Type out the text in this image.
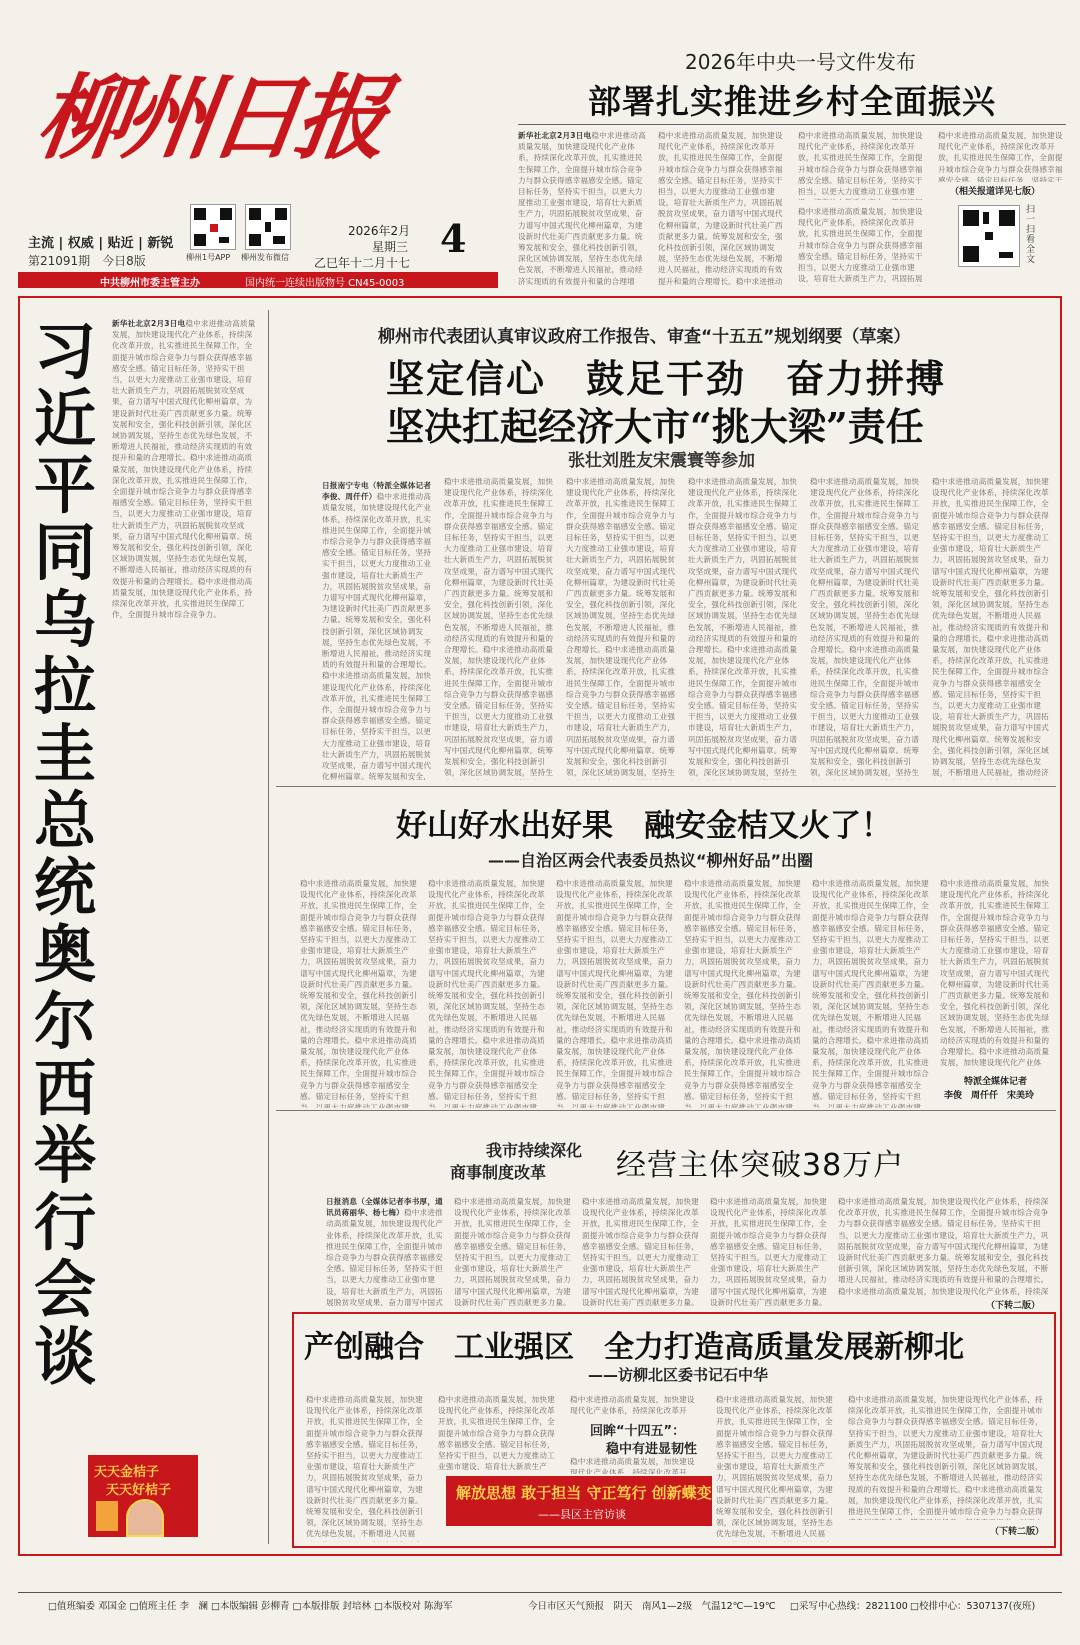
柳州日报
主流 | 权威 | 贴近 | 新锐
第21091期　今日8版	柳州1号APP 柳州发布微信
2026年2月
星期三
乙巳年十二月十七
4
中共柳州市委主管主办	国内统一连续出版物号 CN45-0003
2026年中央一号文件发布
部署扎实推进乡村全面振兴
新华社北京2月3日电 稳中求进推动高质量发展，加快建设现代化产业体系，持续深化改革开放，扎实推进民生保障工作，全面提升城市综合竞争力与群众获得感幸福感安全感。锚定目标任务，坚持实干担当，以更大力度推动工业强市建设，培育壮大新质生产力，巩固拓展脱贫攻坚成果，奋力谱写中国式现代化柳州篇章，为建设新时代壮美广西贡献更多力量。统筹发展和安全，强化科技创新引领，深化区域协调发展，坚持生态优先绿色发展，不断增进人民福祉，推动经济实现质的有效提升和量的合理增长。稳中求进推动高质量发展，加快建设现代化产业体系，持续深化改革开放，扎实推进民生保障工作，全面提升城市综合竞争力与群众获得感幸福感安全感。锚定目标任务，坚持实干担当，以更大力度推动工业强市建设，培育壮大新质生产力，巩固拓展脱贫攻坚成果，奋力谱写中国式现代化柳州篇章。统筹发展和安全，强化科技创新引领，深化区域协调发展，坚持生态优先绿色发展，不断增进人民福祉，推动经济实现质的有效提升和量的合理增长。稳中求进推动高质量发展，加快建设现代化产业体系，持续深化改革开放，扎实推进民生保障工作，全面提升城市综合竞争力。
稳中求进推动高质量发展，加快建设现代化产业体系，持续深化改革开放，扎实推进民生保障工作，全面提升城市综合竞争力与群众获得感幸福感安全感。锚定目标任务，坚持实干担当，以更大力度推动工业强市建设，培育壮大新质生产力，巩固拓展脱贫攻坚成果，奋力谱写中国式现代化柳州篇章，为建设新时代壮美广西贡献更多力量。统筹发展和安全，强化科技创新引领，深化区域协调发展，坚持生态优先绿色发展，不断增进人民福祉，推动经济实现质的有效提升和量的合理增长。稳中求进推动高质量发展，加快建设现代化产业体系，持续深化改革开放，扎实推进民生保障工作，全面提升城市综合竞争力与群众获得感幸福感安全感。锚定目标任务，坚持实干担当，以更大力度推动工业强市建设，培育壮大新质生产力，巩固拓展脱贫攻坚成果，奋力谱写中国式现代化柳州篇章。统筹发展和安全，强化科技创新引领，深化区域协调发展，坚持生态优先绿色发展，不断增进人民福祉，推动经济实现质的有效提升和量的合理增长。稳中求进推动高质量发展，加快建设现代化产业体系，持续深化改革开放，扎实推进民生保障工作，全面提升城市综合竞争力。
稳中求进推动高质量发展，加快建设现代化产业体系，持续深化改革开放，扎实推进民生保障工作，全面提升城市综合竞争力与群众获得感幸福感安全感。锚定目标任务，坚持实干担当，以更大力度推动工业强市建设，培育壮大新质生产力，巩固拓展脱贫攻坚成果，奋力谱写中国式现代化柳州篇章，为建设新时代壮美广西贡献更多力量。统筹发展和安全，强化科技创新引领，深化区域协调发展，坚持生态优先绿色发展，不断增进人民福祉，推动经济实现质的有效提升和量的合理增长。稳中求进推动高质量发展，加快建设现代化产业体系，持续深化改革开放，扎实推进民生保障工作，全面提升城市综合竞争力与群众获得感幸福感安全感。锚定目标任务，坚持实干担当，以更大力度推动工业强市建设，培育壮大新质生产力，巩固拓展脱贫攻坚成果，奋力谱写中国式现代化柳州篇章。统筹发展和安全，强化科技创新引领，深化区域协调发展，坚持生态优先绿色发展，不断增进人民福祉，推动经济实现质的有效提升和量的合理增长。稳中求进推动高质量发展，加快建设现代化产业体系，持续深化改革开放，扎实推进民生保障工作，全面提升城市综合竞争力。
稳中求进推动高质量发展，加快建设现代化产业体系，持续深化改革开放，扎实推进民生保障工作，全面提升城市综合竞争力与群众获得感幸福感安全感。锚定目标任务，坚持实干担当，以更大力度推动工业强市建设，培育壮大新质生产力，巩固拓展脱贫攻坚成果，奋力谱写中国式现代化柳州篇章，为建设新时代壮美广西贡献更多力量。统筹发展和安全，强化科技创新引领，深化区域协调发展，坚持生态优先绿色发展，不断增进人民福祉，推动经济实现质的有效提升和量的合理增长。稳中求进推动高质量发展，加快建设现代化产业体系，持续深化改革开放，扎实推进民生保障工作，全面提升城市综合竞争力与群众获得感幸福感安全感。锚定目标任务，坚持实干担当，以更大力度推动工业强市建设，培育壮大新质生产力，巩固拓展脱贫攻坚成果，奋力谱写中国式现代化柳州篇章。统筹发展和安全，强化科技创新引领，深化区域协调发展，坚持生态优先绿色发展，不断增进人民福祉，推动经济实现质的有效提升和量的合理增长。稳中求进推动高质量发展，加快建设现代化产业体系，持续深化改革开放，扎实推进民生保障工作，全面提升城市综合竞争力。
（相关报道详见七版）
稳中求进推动高质量发展，加快建设现代化产业体系，持续深化改革开放，扎实推进民生保障工作，全面提升城市综合竞争力与群众获得感幸福感安全感。锚定目标任务，坚持实干担当，以更大力度推动工业强市建设，培育壮大新质生产力，巩固拓展脱贫攻坚成果，奋力谱写中国式现代化柳州篇章，为建设新时代壮美广西贡献更多力量。统筹发展和安全，强化科技创新引领，深化区域协调发展，坚持生态优先绿色发展，不断增进人民福祉，推动经济实现质的有效提升和量的合理增长。稳中求进推动高质量发展，加快建设现代化产业体系，持续深化改革开放，扎实推进民生保障工作，全面提升城市综合竞争力与群众获得感幸福感安全感。锚定目标任务，坚持实干担当，以更大力度推动工业强市建设，培育壮大新质生产力，巩固拓展脱贫攻坚成果，奋力谱写中国式现代化柳州篇章。统筹发展和安全，强化科技创新引领，深化区域协调发展，坚持生态优先绿色发展，不断增进人民福祉，推动经济实现质的有效提升和量的合理增长。稳中求进推动高质量发展，加快建设现代化产业体系，持续深化改革开放，扎实推进民生保障工作，全面提升城市综合竞争力。
扫一扫看全文
习近平同乌拉圭总统奥尔西举行会谈
新华社北京2月3日电 稳中求进推动高质量发展，加快建设现代化产业体系，持续深化改革开放，扎实推进民生保障工作，全面提升城市综合竞争力与群众获得感幸福感安全感。锚定目标任务，坚持实干担当，以更大力度推动工业强市建设，培育壮大新质生产力，巩固拓展脱贫攻坚成果，奋力谱写中国式现代化柳州篇章，为建设新时代壮美广西贡献更多力量。统筹发展和安全，强化科技创新引领，深化区域协调发展，坚持生态优先绿色发展，不断增进人民福祉，推动经济实现质的有效提升和量的合理增长。稳中求进推动高质量发展，加快建设现代化产业体系，持续深化改革开放，扎实推进民生保障工作，全面提升城市综合竞争力与群众获得感幸福感安全感。锚定目标任务，坚持实干担当，以更大力度推动工业强市建设，培育壮大新质生产力，巩固拓展脱贫攻坚成果，奋力谱写中国式现代化柳州篇章。统筹发展和安全，强化科技创新引领，深化区域协调发展，坚持生态优先绿色发展，不断增进人民福祉，推动经济实现质的有效提升和量的合理增长。稳中求进推动高质量发展，加快建设现代化产业体系，持续深化改革开放，扎实推进民生保障工作，全面提升城市综合竞争力。
天天金桔子
天天好桔子
柳州市代表团认真审议政府工作报告、审查“十五五”规划纲要（草案）
坚定信心　鼓足干劲　奋力拼搏
坚决扛起经济大市“挑大梁”责任
张壮刘胜友宋震寰等参加
日报南宁专电（特派全媒体记者李俊、周仟仟） 稳中求进推动高质量发展，加快建设现代化产业体系，持续深化改革开放，扎实推进民生保障工作，全面提升城市综合竞争力与群众获得感幸福感安全感。锚定目标任务，坚持实干担当，以更大力度推动工业强市建设，培育壮大新质生产力，巩固拓展脱贫攻坚成果，奋力谱写中国式现代化柳州篇章，为建设新时代壮美广西贡献更多力量。统筹发展和安全，强化科技创新引领，深化区域协调发展，坚持生态优先绿色发展，不断增进人民福祉，推动经济实现质的有效提升和量的合理增长。稳中求进推动高质量发展，加快建设现代化产业体系，持续深化改革开放，扎实推进民生保障工作，全面提升城市综合竞争力与群众获得感幸福感安全感。锚定目标任务，坚持实干担当，以更大力度推动工业强市建设，培育壮大新质生产力，巩固拓展脱贫攻坚成果，奋力谱写中国式现代化柳州篇章。统筹发展和安全，强化科技创新引领，深化区域协调发展，坚持生态优先绿色发展，不断增进人民福祉，推动经济实现质的有效提升和量的合理增长。稳中求进推动高质量发展，加快建设现代化产业体系，持续深化改革开放，扎实推进民生保障工作，全面提升城市综合竞争力。
稳中求进推动高质量发展，加快建设现代化产业体系，持续深化改革开放，扎实推进民生保障工作，全面提升城市综合竞争力与群众获得感幸福感安全感。锚定目标任务，坚持实干担当，以更大力度推动工业强市建设，培育壮大新质生产力，巩固拓展脱贫攻坚成果，奋力谱写中国式现代化柳州篇章，为建设新时代壮美广西贡献更多力量。统筹发展和安全，强化科技创新引领，深化区域协调发展，坚持生态优先绿色发展，不断增进人民福祉，推动经济实现质的有效提升和量的合理增长。稳中求进推动高质量发展，加快建设现代化产业体系，持续深化改革开放，扎实推进民生保障工作，全面提升城市综合竞争力与群众获得感幸福感安全感。锚定目标任务，坚持实干担当，以更大力度推动工业强市建设，培育壮大新质生产力，巩固拓展脱贫攻坚成果，奋力谱写中国式现代化柳州篇章。统筹发展和安全，强化科技创新引领，深化区域协调发展，坚持生态优先绿色发展，不断增进人民福祉，推动经济实现质的有效提升和量的合理增长。稳中求进推动高质量发展，加快建设现代化产业体系，持续深化改革开放，扎实推进民生保障工作，全面提升城市综合竞争力。
稳中求进推动高质量发展，加快建设现代化产业体系，持续深化改革开放，扎实推进民生保障工作，全面提升城市综合竞争力与群众获得感幸福感安全感。锚定目标任务，坚持实干担当，以更大力度推动工业强市建设，培育壮大新质生产力，巩固拓展脱贫攻坚成果，奋力谱写中国式现代化柳州篇章，为建设新时代壮美广西贡献更多力量。统筹发展和安全，强化科技创新引领，深化区域协调发展，坚持生态优先绿色发展，不断增进人民福祉，推动经济实现质的有效提升和量的合理增长。稳中求进推动高质量发展，加快建设现代化产业体系，持续深化改革开放，扎实推进民生保障工作，全面提升城市综合竞争力与群众获得感幸福感安全感。锚定目标任务，坚持实干担当，以更大力度推动工业强市建设，培育壮大新质生产力，巩固拓展脱贫攻坚成果，奋力谱写中国式现代化柳州篇章。统筹发展和安全，强化科技创新引领，深化区域协调发展，坚持生态优先绿色发展，不断增进人民福祉，推动经济实现质的有效提升和量的合理增长。稳中求进推动高质量发展，加快建设现代化产业体系，持续深化改革开放，扎实推进民生保障工作，全面提升城市综合竞争力。
稳中求进推动高质量发展，加快建设现代化产业体系，持续深化改革开放，扎实推进民生保障工作，全面提升城市综合竞争力与群众获得感幸福感安全感。锚定目标任务，坚持实干担当，以更大力度推动工业强市建设，培育壮大新质生产力，巩固拓展脱贫攻坚成果，奋力谱写中国式现代化柳州篇章，为建设新时代壮美广西贡献更多力量。统筹发展和安全，强化科技创新引领，深化区域协调发展，坚持生态优先绿色发展，不断增进人民福祉，推动经济实现质的有效提升和量的合理增长。稳中求进推动高质量发展，加快建设现代化产业体系，持续深化改革开放，扎实推进民生保障工作，全面提升城市综合竞争力与群众获得感幸福感安全感。锚定目标任务，坚持实干担当，以更大力度推动工业强市建设，培育壮大新质生产力，巩固拓展脱贫攻坚成果，奋力谱写中国式现代化柳州篇章。统筹发展和安全，强化科技创新引领，深化区域协调发展，坚持生态优先绿色发展，不断增进人民福祉，推动经济实现质的有效提升和量的合理增长。稳中求进推动高质量发展，加快建设现代化产业体系，持续深化改革开放，扎实推进民生保障工作，全面提升城市综合竞争力。
稳中求进推动高质量发展，加快建设现代化产业体系，持续深化改革开放，扎实推进民生保障工作，全面提升城市综合竞争力与群众获得感幸福感安全感。锚定目标任务，坚持实干担当，以更大力度推动工业强市建设，培育壮大新质生产力，巩固拓展脱贫攻坚成果，奋力谱写中国式现代化柳州篇章，为建设新时代壮美广西贡献更多力量。统筹发展和安全，强化科技创新引领，深化区域协调发展，坚持生态优先绿色发展，不断增进人民福祉，推动经济实现质的有效提升和量的合理增长。稳中求进推动高质量发展，加快建设现代化产业体系，持续深化改革开放，扎实推进民生保障工作，全面提升城市综合竞争力与群众获得感幸福感安全感。锚定目标任务，坚持实干担当，以更大力度推动工业强市建设，培育壮大新质生产力，巩固拓展脱贫攻坚成果，奋力谱写中国式现代化柳州篇章。统筹发展和安全，强化科技创新引领，深化区域协调发展，坚持生态优先绿色发展，不断增进人民福祉，推动经济实现质的有效提升和量的合理增长。稳中求进推动高质量发展，加快建设现代化产业体系，持续深化改革开放，扎实推进民生保障工作，全面提升城市综合竞争力。
稳中求进推动高质量发展，加快建设现代化产业体系，持续深化改革开放，扎实推进民生保障工作，全面提升城市综合竞争力与群众获得感幸福感安全感。锚定目标任务，坚持实干担当，以更大力度推动工业强市建设，培育壮大新质生产力，巩固拓展脱贫攻坚成果，奋力谱写中国式现代化柳州篇章，为建设新时代壮美广西贡献更多力量。统筹发展和安全，强化科技创新引领，深化区域协调发展，坚持生态优先绿色发展，不断增进人民福祉，推动经济实现质的有效提升和量的合理增长。稳中求进推动高质量发展，加快建设现代化产业体系，持续深化改革开放，扎实推进民生保障工作，全面提升城市综合竞争力与群众获得感幸福感安全感。锚定目标任务，坚持实干担当，以更大力度推动工业强市建设，培育壮大新质生产力，巩固拓展脱贫攻坚成果，奋力谱写中国式现代化柳州篇章。统筹发展和安全，强化科技创新引领，深化区域协调发展，坚持生态优先绿色发展，不断增进人民福祉，推动经济实现质的有效提升和量的合理增长。稳中求进推动高质量发展，加快建设现代化产业体系，持续深化改革开放，扎实推进民生保障工作，全面提升城市综合竞争力。
好山好水出好果　融安金桔又火了！
——自治区两会代表委员热议“柳州好品”出圈
稳中求进推动高质量发展，加快建设现代化产业体系，持续深化改革开放，扎实推进民生保障工作，全面提升城市综合竞争力与群众获得感幸福感安全感。锚定目标任务，坚持实干担当，以更大力度推动工业强市建设，培育壮大新质生产力，巩固拓展脱贫攻坚成果，奋力谱写中国式现代化柳州篇章，为建设新时代壮美广西贡献更多力量。统筹发展和安全，强化科技创新引领，深化区域协调发展，坚持生态优先绿色发展，不断增进人民福祉，推动经济实现质的有效提升和量的合理增长。稳中求进推动高质量发展，加快建设现代化产业体系，持续深化改革开放，扎实推进民生保障工作，全面提升城市综合竞争力与群众获得感幸福感安全感。锚定目标任务，坚持实干担当，以更大力度推动工业强市建设，培育壮大新质生产力，巩固拓展脱贫攻坚成果，奋力谱写中国式现代化柳州篇章。统筹发展和安全，强化科技创新引领，深化区域协调发展，坚持生态优先绿色发展，不断增进人民福祉，推动经济实现质的有效提升和量的合理增长。稳中求进推动高质量发展，加快建设现代化产业体系，持续深化改革开放，扎实推进民生保障工作，全面提升城市综合竞争力。
稳中求进推动高质量发展，加快建设现代化产业体系，持续深化改革开放，扎实推进民生保障工作，全面提升城市综合竞争力与群众获得感幸福感安全感。锚定目标任务，坚持实干担当，以更大力度推动工业强市建设，培育壮大新质生产力，巩固拓展脱贫攻坚成果，奋力谱写中国式现代化柳州篇章，为建设新时代壮美广西贡献更多力量。统筹发展和安全，强化科技创新引领，深化区域协调发展，坚持生态优先绿色发展，不断增进人民福祉，推动经济实现质的有效提升和量的合理增长。稳中求进推动高质量发展，加快建设现代化产业体系，持续深化改革开放，扎实推进民生保障工作，全面提升城市综合竞争力与群众获得感幸福感安全感。锚定目标任务，坚持实干担当，以更大力度推动工业强市建设，培育壮大新质生产力，巩固拓展脱贫攻坚成果，奋力谱写中国式现代化柳州篇章。统筹发展和安全，强化科技创新引领，深化区域协调发展，坚持生态优先绿色发展，不断增进人民福祉，推动经济实现质的有效提升和量的合理增长。稳中求进推动高质量发展，加快建设现代化产业体系，持续深化改革开放，扎实推进民生保障工作，全面提升城市综合竞争力。
稳中求进推动高质量发展，加快建设现代化产业体系，持续深化改革开放，扎实推进民生保障工作，全面提升城市综合竞争力与群众获得感幸福感安全感。锚定目标任务，坚持实干担当，以更大力度推动工业强市建设，培育壮大新质生产力，巩固拓展脱贫攻坚成果，奋力谱写中国式现代化柳州篇章，为建设新时代壮美广西贡献更多力量。统筹发展和安全，强化科技创新引领，深化区域协调发展，坚持生态优先绿色发展，不断增进人民福祉，推动经济实现质的有效提升和量的合理增长。稳中求进推动高质量发展，加快建设现代化产业体系，持续深化改革开放，扎实推进民生保障工作，全面提升城市综合竞争力与群众获得感幸福感安全感。锚定目标任务，坚持实干担当，以更大力度推动工业强市建设，培育壮大新质生产力，巩固拓展脱贫攻坚成果，奋力谱写中国式现代化柳州篇章。统筹发展和安全，强化科技创新引领，深化区域协调发展，坚持生态优先绿色发展，不断增进人民福祉，推动经济实现质的有效提升和量的合理增长。稳中求进推动高质量发展，加快建设现代化产业体系，持续深化改革开放，扎实推进民生保障工作，全面提升城市综合竞争力。
稳中求进推动高质量发展，加快建设现代化产业体系，持续深化改革开放，扎实推进民生保障工作，全面提升城市综合竞争力与群众获得感幸福感安全感。锚定目标任务，坚持实干担当，以更大力度推动工业强市建设，培育壮大新质生产力，巩固拓展脱贫攻坚成果，奋力谱写中国式现代化柳州篇章，为建设新时代壮美广西贡献更多力量。统筹发展和安全，强化科技创新引领，深化区域协调发展，坚持生态优先绿色发展，不断增进人民福祉，推动经济实现质的有效提升和量的合理增长。稳中求进推动高质量发展，加快建设现代化产业体系，持续深化改革开放，扎实推进民生保障工作，全面提升城市综合竞争力与群众获得感幸福感安全感。锚定目标任务，坚持实干担当，以更大力度推动工业强市建设，培育壮大新质生产力，巩固拓展脱贫攻坚成果，奋力谱写中国式现代化柳州篇章。统筹发展和安全，强化科技创新引领，深化区域协调发展，坚持生态优先绿色发展，不断增进人民福祉，推动经济实现质的有效提升和量的合理增长。稳中求进推动高质量发展，加快建设现代化产业体系，持续深化改革开放，扎实推进民生保障工作，全面提升城市综合竞争力。
稳中求进推动高质量发展，加快建设现代化产业体系，持续深化改革开放，扎实推进民生保障工作，全面提升城市综合竞争力与群众获得感幸福感安全感。锚定目标任务，坚持实干担当，以更大力度推动工业强市建设，培育壮大新质生产力，巩固拓展脱贫攻坚成果，奋力谱写中国式现代化柳州篇章，为建设新时代壮美广西贡献更多力量。统筹发展和安全，强化科技创新引领，深化区域协调发展，坚持生态优先绿色发展，不断增进人民福祉，推动经济实现质的有效提升和量的合理增长。稳中求进推动高质量发展，加快建设现代化产业体系，持续深化改革开放，扎实推进民生保障工作，全面提升城市综合竞争力与群众获得感幸福感安全感。锚定目标任务，坚持实干担当，以更大力度推动工业强市建设，培育壮大新质生产力，巩固拓展脱贫攻坚成果，奋力谱写中国式现代化柳州篇章。统筹发展和安全，强化科技创新引领，深化区域协调发展，坚持生态优先绿色发展，不断增进人民福祉，推动经济实现质的有效提升和量的合理增长。稳中求进推动高质量发展，加快建设现代化产业体系，持续深化改革开放，扎实推进民生保障工作，全面提升城市综合竞争力。
稳中求进推动高质量发展，加快建设现代化产业体系，持续深化改革开放，扎实推进民生保障工作，全面提升城市综合竞争力与群众获得感幸福感安全感。锚定目标任务，坚持实干担当，以更大力度推动工业强市建设，培育壮大新质生产力，巩固拓展脱贫攻坚成果，奋力谱写中国式现代化柳州篇章，为建设新时代壮美广西贡献更多力量。统筹发展和安全，强化科技创新引领，深化区域协调发展，坚持生态优先绿色发展，不断增进人民福祉，推动经济实现质的有效提升和量的合理增长。稳中求进推动高质量发展，加快建设现代化产业体系，持续深化改革开放，扎实推进民生保障工作，全面提升城市综合竞争力与群众获得感幸福感安全感。锚定目标任务，坚持实干担当，以更大力度推动工业强市建设，培育壮大新质生产力，巩固拓展脱贫攻坚成果，奋力谱写中国式现代化柳州篇章。统筹发展和安全，强化科技创新引领，深化区域协调发展，坚持生态优先绿色发展，不断增进人民福祉，推动经济实现质的有效提升和量的合理增长。稳中求进推动高质量发展，加快建设现代化产业体系，持续深化改革开放，扎实推进民生保障工作，全面提升城市综合竞争力。
特派全媒体记者
李俊　周仟仟　宋美玲
我市持续深化
商事制度改革 经营主体突破38万户
日报消息（全媒体记者李书厚，通讯员蒋丽华、杨七梅） 稳中求进推动高质量发展，加快建设现代化产业体系，持续深化改革开放，扎实推进民生保障工作，全面提升城市综合竞争力与群众获得感幸福感安全感。锚定目标任务，坚持实干担当，以更大力度推动工业强市建设，培育壮大新质生产力，巩固拓展脱贫攻坚成果，奋力谱写中国式现代化柳州篇章，为建设新时代壮美广西贡献更多力量。统筹发展和安全，强化科技创新引领，深化区域协调发展，坚持生态优先绿色发展，不断增进人民福祉，推动经济实现质的有效提升和量的合理增长。稳中求进推动高质量发展，加快建设现代化产业体系，持续深化改革开放，扎实推进民生保障工作，全面提升城市综合竞争力与群众获得感幸福感安全感。锚定目标任务，坚持实干担当，以更大力度推动工业强市建设，培育壮大新质生产力，巩固拓展脱贫攻坚成果，奋力谱写中国式现代化柳州篇章。统筹发展和安全，强化科技创新引领，深化区域协调发展，坚持生态优先绿色发展，不断增进人民福祉，推动经济实现质的有效提升和量的合理增长。稳中求进推动高质量发展，加快建设现代化产业体系，持续深化改革开放，扎实推进民生保障工作，全面提升城市综合竞争力。
稳中求进推动高质量发展，加快建设现代化产业体系，持续深化改革开放，扎实推进民生保障工作，全面提升城市综合竞争力与群众获得感幸福感安全感。锚定目标任务，坚持实干担当，以更大力度推动工业强市建设，培育壮大新质生产力，巩固拓展脱贫攻坚成果，奋力谱写中国式现代化柳州篇章，为建设新时代壮美广西贡献更多力量。统筹发展和安全，强化科技创新引领，深化区域协调发展，坚持生态优先绿色发展，不断增进人民福祉，推动经济实现质的有效提升和量的合理增长。稳中求进推动高质量发展，加快建设现代化产业体系，持续深化改革开放，扎实推进民生保障工作，全面提升城市综合竞争力与群众获得感幸福感安全感。锚定目标任务，坚持实干担当，以更大力度推动工业强市建设，培育壮大新质生产力，巩固拓展脱贫攻坚成果，奋力谱写中国式现代化柳州篇章。统筹发展和安全，强化科技创新引领，深化区域协调发展，坚持生态优先绿色发展，不断增进人民福祉，推动经济实现质的有效提升和量的合理增长。稳中求进推动高质量发展，加快建设现代化产业体系，持续深化改革开放，扎实推进民生保障工作，全面提升城市综合竞争力。
稳中求进推动高质量发展，加快建设现代化产业体系，持续深化改革开放，扎实推进民生保障工作，全面提升城市综合竞争力与群众获得感幸福感安全感。锚定目标任务，坚持实干担当，以更大力度推动工业强市建设，培育壮大新质生产力，巩固拓展脱贫攻坚成果，奋力谱写中国式现代化柳州篇章，为建设新时代壮美广西贡献更多力量。统筹发展和安全，强化科技创新引领，深化区域协调发展，坚持生态优先绿色发展，不断增进人民福祉，推动经济实现质的有效提升和量的合理增长。稳中求进推动高质量发展，加快建设现代化产业体系，持续深化改革开放，扎实推进民生保障工作，全面提升城市综合竞争力与群众获得感幸福感安全感。锚定目标任务，坚持实干担当，以更大力度推动工业强市建设，培育壮大新质生产力，巩固拓展脱贫攻坚成果，奋力谱写中国式现代化柳州篇章。统筹发展和安全，强化科技创新引领，深化区域协调发展，坚持生态优先绿色发展，不断增进人民福祉，推动经济实现质的有效提升和量的合理增长。稳中求进推动高质量发展，加快建设现代化产业体系，持续深化改革开放，扎实推进民生保障工作，全面提升城市综合竞争力。
稳中求进推动高质量发展，加快建设现代化产业体系，持续深化改革开放，扎实推进民生保障工作，全面提升城市综合竞争力与群众获得感幸福感安全感。锚定目标任务，坚持实干担当，以更大力度推动工业强市建设，培育壮大新质生产力，巩固拓展脱贫攻坚成果，奋力谱写中国式现代化柳州篇章，为建设新时代壮美广西贡献更多力量。统筹发展和安全，强化科技创新引领，深化区域协调发展，坚持生态优先绿色发展，不断增进人民福祉，推动经济实现质的有效提升和量的合理增长。稳中求进推动高质量发展，加快建设现代化产业体系，持续深化改革开放，扎实推进民生保障工作，全面提升城市综合竞争力与群众获得感幸福感安全感。锚定目标任务，坚持实干担当，以更大力度推动工业强市建设，培育壮大新质生产力，巩固拓展脱贫攻坚成果，奋力谱写中国式现代化柳州篇章。统筹发展和安全，强化科技创新引领，深化区域协调发展，坚持生态优先绿色发展，不断增进人民福祉，推动经济实现质的有效提升和量的合理增长。稳中求进推动高质量发展，加快建设现代化产业体系，持续深化改革开放，扎实推进民生保障工作，全面提升城市综合竞争力。
稳中求进推动高质量发展，加快建设现代化产业体系，持续深化改革开放，扎实推进民生保障工作，全面提升城市综合竞争力与群众获得感幸福感安全感。锚定目标任务，坚持实干担当，以更大力度推动工业强市建设，培育壮大新质生产力，巩固拓展脱贫攻坚成果，奋力谱写中国式现代化柳州篇章，为建设新时代壮美广西贡献更多力量。统筹发展和安全，强化科技创新引领，深化区域协调发展，坚持生态优先绿色发展，不断增进人民福祉，推动经济实现质的有效提升和量的合理增长。稳中求进推动高质量发展，加快建设现代化产业体系，持续深化改革开放，扎实推进民生保障工作，全面提升城市综合竞争力与群众获得感幸福感安全感。锚定目标任务，坚持实干担当，以更大力度推动工业强市建设，培育壮大新质生产力，巩固拓展脱贫攻坚成果，奋力谱写中国式现代化柳州篇章。统筹发展和安全，强化科技创新引领，深化区域协调发展，坚持生态优先绿色发展，不断增进人民福祉，推动经济实现质的有效提升和量的合理增长。稳中求进推动高质量发展，加快建设现代化产业体系，持续深化改革开放，扎实推进民生保障工作，全面提升城市综合竞争力。
（下转二版）
产创融合　工业强区　全力打造高质量发展新柳北
——访柳北区委书记石中华
稳中求进推动高质量发展，加快建设现代化产业体系，持续深化改革开放，扎实推进民生保障工作，全面提升城市综合竞争力与群众获得感幸福感安全感。锚定目标任务，坚持实干担当，以更大力度推动工业强市建设，培育壮大新质生产力，巩固拓展脱贫攻坚成果，奋力谱写中国式现代化柳州篇章，为建设新时代壮美广西贡献更多力量。统筹发展和安全，强化科技创新引领，深化区域协调发展，坚持生态优先绿色发展，不断增进人民福祉，推动经济实现质的有效提升和量的合理增长。稳中求进推动高质量发展，加快建设现代化产业体系，持续深化改革开放，扎实推进民生保障工作，全面提升城市综合竞争力与群众获得感幸福感安全感。锚定目标任务，坚持实干担当，以更大力度推动工业强市建设，培育壮大新质生产力，巩固拓展脱贫攻坚成果，奋力谱写中国式现代化柳州篇章。统筹发展和安全，强化科技创新引领，深化区域协调发展，坚持生态优先绿色发展，不断增进人民福祉，推动经济实现质的有效提升和量的合理增长。稳中求进推动高质量发展，加快建设现代化产业体系，持续深化改革开放，扎实推进民生保障工作，全面提升城市综合竞争力。
稳中求进推动高质量发展，加快建设现代化产业体系，持续深化改革开放，扎实推进民生保障工作，全面提升城市综合竞争力与群众获得感幸福感安全感。锚定目标任务，坚持实干担当，以更大力度推动工业强市建设，培育壮大新质生产力，巩固拓展脱贫攻坚成果，奋力谱写中国式现代化柳州篇章，为建设新时代壮美广西贡献更多力量。统筹发展和安全，强化科技创新引领，深化区域协调发展，坚持生态优先绿色发展，不断增进人民福祉，推动经济实现质的有效提升和量的合理增长。稳中求进推动高质量发展，加快建设现代化产业体系，持续深化改革开放，扎实推进民生保障工作，全面提升城市综合竞争力与群众获得感幸福感安全感。锚定目标任务，坚持实干担当，以更大力度推动工业强市建设，培育壮大新质生产力，巩固拓展脱贫攻坚成果，奋力谱写中国式现代化柳州篇章。统筹发展和安全，强化科技创新引领，深化区域协调发展，坚持生态优先绿色发展，不断增进人民福祉，推动经济实现质的有效提升和量的合理增长。稳中求进推动高质量发展，加快建设现代化产业体系，持续深化改革开放，扎实推进民生保障工作，全面提升城市综合竞争力。
稳中求进推动高质量发展，加快建设现代化产业体系，持续深化改革开放，扎实推进民生保障工作，全面提升城市综合竞争力与群众获得感幸福感安全感。锚定目标任务，坚持实干担当，以更大力度推动工业强市建设，培育壮大新质生产力，巩固拓展脱贫攻坚成果，奋力谱写中国式现代化柳州篇章，为建设新时代壮美广西贡献更多力量。统筹发展和安全，强化科技创新引领，深化区域协调发展，坚持生态优先绿色发展，不断增进人民福祉，推动经济实现质的有效提升和量的合理增长。稳中求进推动高质量发展，加快建设现代化产业体系，持续深化改革开放，扎实推进民生保障工作，全面提升城市综合竞争力与群众获得感幸福感安全感。锚定目标任务，坚持实干担当，以更大力度推动工业强市建设，培育壮大新质生产力，巩固拓展脱贫攻坚成果，奋力谱写中国式现代化柳州篇章。统筹发展和安全，强化科技创新引领，深化区域协调发展，坚持生态优先绿色发展，不断增进人民福祉，推动经济实现质的有效提升和量的合理增长。稳中求进推动高质量发展，加快建设现代化产业体系，持续深化改革开放，扎实推进民生保障工作，全面提升城市综合竞争力。
回眸“十四五”：
稳中有进显韧性
稳中求进推动高质量发展，加快建设现代化产业体系，持续深化改革开放，扎实推进民生保障工作，全面提升城市综合竞争力与群众获得感幸福感安全感。锚定目标任务，坚持实干担当，以更大力度推动工业强市建设，培育壮大新质生产力，巩固拓展脱贫攻坚成果，奋力谱写中国式现代化柳州篇章，为建设新时代壮美广西贡献更多力量。统筹发展和安全，强化科技创新引领，深化区域协调发展，坚持生态优先绿色发展，不断增进人民福祉，推动经济实现质的有效提升和量的合理增长。稳中求进推动高质量发展，加快建设现代化产业体系，持续深化改革开放，扎实推进民生保障工作，全面提升城市综合竞争力与群众获得感幸福感安全感。锚定目标任务，坚持实干担当，以更大力度推动工业强市建设，培育壮大新质生产力，巩固拓展脱贫攻坚成果，奋力谱写中国式现代化柳州篇章。统筹发展和安全，强化科技创新引领，深化区域协调发展，坚持生态优先绿色发展，不断增进人民福祉，推动经济实现质的有效提升和量的合理增长。稳中求进推动高质量发展，加快建设现代化产业体系，持续深化改革开放，扎实推进民生保障工作，全面提升城市综合竞争力。
解放思想 敢于担当 守正笃行 创新蝶变
——县区主官访谈
稳中求进推动高质量发展，加快建设现代化产业体系，持续深化改革开放，扎实推进民生保障工作，全面提升城市综合竞争力与群众获得感幸福感安全感。锚定目标任务，坚持实干担当，以更大力度推动工业强市建设，培育壮大新质生产力，巩固拓展脱贫攻坚成果，奋力谱写中国式现代化柳州篇章，为建设新时代壮美广西贡献更多力量。统筹发展和安全，强化科技创新引领，深化区域协调发展，坚持生态优先绿色发展，不断增进人民福祉，推动经济实现质的有效提升和量的合理增长。稳中求进推动高质量发展，加快建设现代化产业体系，持续深化改革开放，扎实推进民生保障工作，全面提升城市综合竞争力与群众获得感幸福感安全感。锚定目标任务，坚持实干担当，以更大力度推动工业强市建设，培育壮大新质生产力，巩固拓展脱贫攻坚成果，奋力谱写中国式现代化柳州篇章。统筹发展和安全，强化科技创新引领，深化区域协调发展，坚持生态优先绿色发展，不断增进人民福祉，推动经济实现质的有效提升和量的合理增长。稳中求进推动高质量发展，加快建设现代化产业体系，持续深化改革开放，扎实推进民生保障工作，全面提升城市综合竞争力。
稳中求进推动高质量发展，加快建设现代化产业体系，持续深化改革开放，扎实推进民生保障工作，全面提升城市综合竞争力与群众获得感幸福感安全感。锚定目标任务，坚持实干担当，以更大力度推动工业强市建设，培育壮大新质生产力，巩固拓展脱贫攻坚成果，奋力谱写中国式现代化柳州篇章，为建设新时代壮美广西贡献更多力量。统筹发展和安全，强化科技创新引领，深化区域协调发展，坚持生态优先绿色发展，不断增进人民福祉，推动经济实现质的有效提升和量的合理增长。稳中求进推动高质量发展，加快建设现代化产业体系，持续深化改革开放，扎实推进民生保障工作，全面提升城市综合竞争力与群众获得感幸福感安全感。锚定目标任务，坚持实干担当，以更大力度推动工业强市建设，培育壮大新质生产力，巩固拓展脱贫攻坚成果，奋力谱写中国式现代化柳州篇章。统筹发展和安全，强化科技创新引领，深化区域协调发展，坚持生态优先绿色发展，不断增进人民福祉，推动经济实现质的有效提升和量的合理增长。稳中求进推动高质量发展，加快建设现代化产业体系，持续深化改革开放，扎实推进民生保障工作，全面提升城市综合竞争力。
（下转二版）
□值班编委 邓国金 □值班主任 李　澜 □本版编辑 彭柳青 □本版排版 封培林 □本版校对 陈海军	今日市区天气预报　阴天　南风1—2级　气温12℃—19℃ □采写中心热线：2821100 □校排中心：5307137(夜班)
